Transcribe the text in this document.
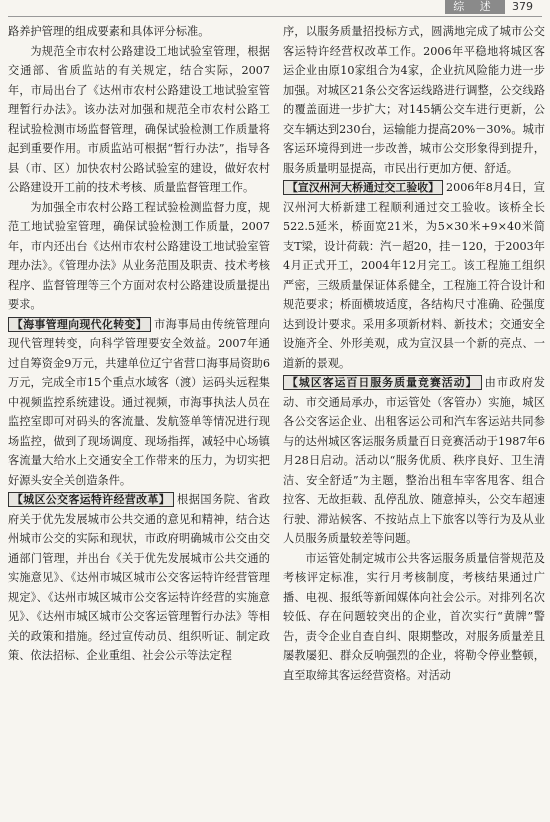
综 述	379

路养护管理的组成要素和具体评分标准。

为规范全市农村公路建设工地试验室管理，根据交通部、省质监站的有关规定，结合实际，2007年，市局出台了《达州市农村公路建设工地试验室管理暂行办法》。该办法对加强和规范全市农村公路工程试验检测市场监督管理，确保试验检测工作质量将起到重要作用。市质监站可根据“暂行办法”，指导各县（市、区）加快农村公路试验室的建设，做好农村公路建设开工前的技术考核、质量监督管理工作。

为加强全市农村公路工程试验检测监督力度，规范工地试验室管理，确保试验检测工作质量，2007年，市内还出台《达州市农村公路建设工地试验室管理办法》。《管理办法》从业务范围及职责、技术考核程序、监督管理等三个方面对农村公路建设质量提出要求。

【海事管理向现代化转变】 市海事局由传统管理向现代管理转变，向科学管理要安全效益。2007年通过自筹资金9万元，共建单位辽宁省营口海事局资助6万元，完成全市15个重点水域客（渡）运码头远程集中视频监控系统建设。通过视频，市海事执法人员在监控室即可对码头的客流量、发航签单等情况进行现场监控，做到了现场调度、现场指挥，减轻中心场镇客流量大给水上交通安全工作带来的压力，为切实把好源头安全关创造条件。

【城区公交客运特许经营改革】 根据国务院、省政府关于优先发展城市公共交通的意见和精神，结合达州城市公交的实际和现状，市政府明确城市公交由交通部门管理，并出台《关于优先发展城市公共交通的实施意见》、《达州市城区城市公交客运特许经营管理规定》、《达州市城区城市公交客运特许经营的实施意见》、《达州市城区城市公交客运管理暂行办法》等相关的政策和措施。经过宣传动员、组织听证、制定政策、依法招标、企业重组、社会公示等法定程

序，以服务质量招投标方式，圆满地完成了城市公交客运特许经营权改革工作。2006年平稳地将城区客运企业由原10家组合为4家，企业抗风险能力进一步加强。对城区21条公交客运线路进行调整，公交线路的覆盖面进一步扩大；对145辆公交车进行更新，公交车辆达到230台，运输能力提高20%－30%。城市客运环境得到进一步改善，城市公交形象得到提升，服务质量明显提高，市民出行更加方便、舒适。

【宣汉州河大桥通过交工验收】 2006年8月4日，宣汉州河大桥新建工程顺利通过交工验收。该桥全长522.5延米，桥面宽21米，为5×30米+9×40米简支T梁，设计荷载：汽－超20，挂－120，于2003年4月正式开工，2004年12月完工。该工程施工组织严密，三级质量保证体系健全，工程施工符合设计和规范要求；桥面横坡适度，各结构尺寸准确、砼强度达到设计要求。采用多项新材料、新技术；交通安全设施齐全、外形美观，成为宣汉县一个新的亮点、一道新的景观。

【城区客运百日服务质量竞赛活动】 由市政府发动、市交通局承办，市运管处（客管办）实施，城区各公交客运企业、出租客运公司和汽车客运站共同参与的达州城区客运服务质量百日竞赛活动于1987年6月28日启动。活动以“服务优质、秩序良好、卫生清洁、安全舒适”为主题，整治出租车宰客甩客、组合拉客、无故拒载、乱停乱放、随意掉头，公交车超速行驶、滞站候客、不按站点上下旅客以等行为及从业人员服务质量较差等问题。

市运管处制定城市公共客运服务质量信誉规范及考核评定标准，实行月考核制度，考核结果通过广播、电视、报纸等新闻媒体向社会公示。对排列名次较低、存在问题较突出的企业，首次实行“黄牌”警告，责令企业自查自纠、限期整改，对服务质量差且屡教屡犯、群众反响强烈的企业，将勒令停业整顿，直至取缔其客运经营资格。对活动
